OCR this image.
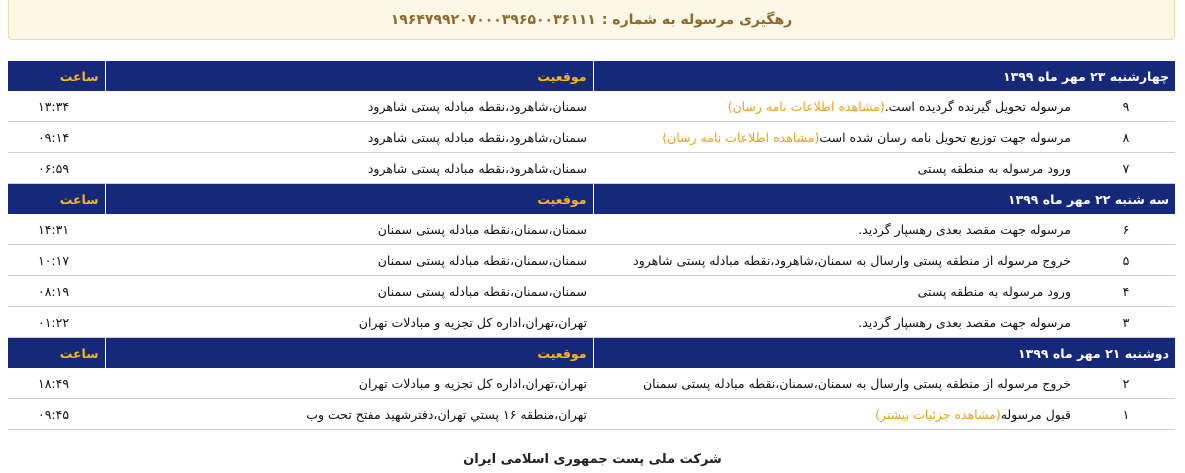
رهگیری مرسوله به شماره :
۱۹۶۴۷۹۹۲۰۷۰۰۰۳۹۶۵۰۰۳۶۱۱۱
چهارشنبه ۲۳ مهر ماه ۱۳۹۹		موقعیت	ساعت
۹	مرسوله تحویل گیرنده گردیده است.(مشاهده اطلاعات نامه رسان)	سمنان،شاهرود،نقطه مبادله پستی شاهرود	۱۳:۳۴
۸	مرسوله جهت توزیع تحویل نامه رسان شده است(مشاهده اطلاعات نامه رسان)	سمنان،شاهرود،نقطه مبادله پستی شاهرود	۰۹:۱۴
۷	ورود مرسوله به منطقه پستی	سمنان،شاهرود،نقطه مبادله پستی شاهرود	۰۶:۵۹
سه شنبه ۲۲ مهر ماه ۱۳۹۹		موقعیت	ساعت
۶	مرسوله جهت مقصد بعدی رهسپار گردید.	سمنان،سمنان،نقطه مبادله پستی سمنان	۱۴:۳۱
۵	خروج مرسوله از منطقه پستی وارسال به سمنان،شاهرود،نقطه مبادله پستی شاهرود	سمنان،سمنان،نقطه مبادله پستی سمنان	۱۰:۱۷
۴	ورود مرسوله به منطقه پستی	سمنان،سمنان،نقطه مبادله پستی سمنان	۰۸:۱۹
۳	مرسوله جهت مقصد بعدی رهسپار گردید.	تهران،تهران،اداره کل تجزیه و مبادلات تهران	۰۱:۲۲
دوشنبه ۲۱ مهر ماه ۱۳۹۹		موقعیت	ساعت
۲	خروج مرسوله از منطقه پستی وارسال به سمنان،سمنان،نقطه مبادله پستی سمنان	تهران،تهران،اداره کل تجزیه و مبادلات تهران	۱۸:۴۹
۱	قبول مرسوله(مشاهده جزئیات بیشتر)	تهران،منطقه ۱۶ پستي تهران،دفترشهید مفتح تحت وب	۰۹:۴۵
شرکت ملی پست جمهوری اسلامی ایران
